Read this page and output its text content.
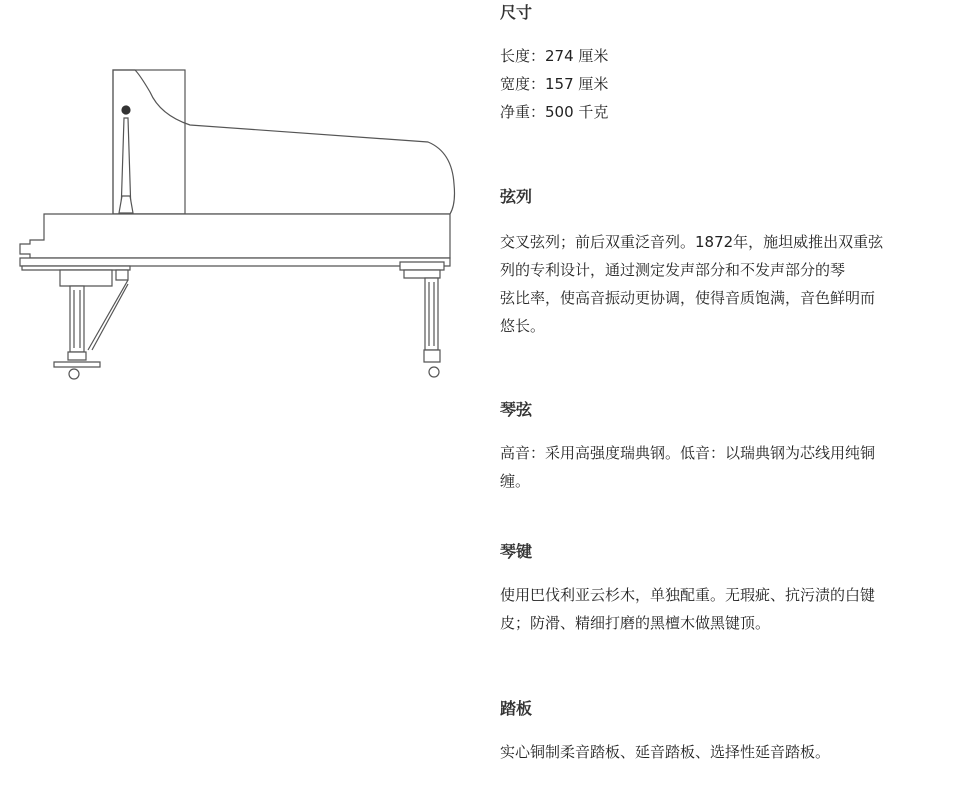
尺寸

长度：274 厘米
宽度：157 厘米
净重：500 千克

弦列

交叉弦列；前后双重泛音列。1872年，施坦威推出双重弦
列的专利设计，通过测定发声部分和不发声部分的琴
弦比率，使高音振动更协调，使得音质饱满，音色鲜明而
悠长。

琴弦

高音：采用高强度瑞典钢。低音：以瑞典钢为芯线用纯铜
缠。

琴键

使用巴伐利亚云杉木，单独配重。无瑕疵、抗污渍的白键
皮；防滑、精细打磨的黑檀木做黑键顶。

踏板

实心铜制柔音踏板、延音踏板、选择性延音踏板。
